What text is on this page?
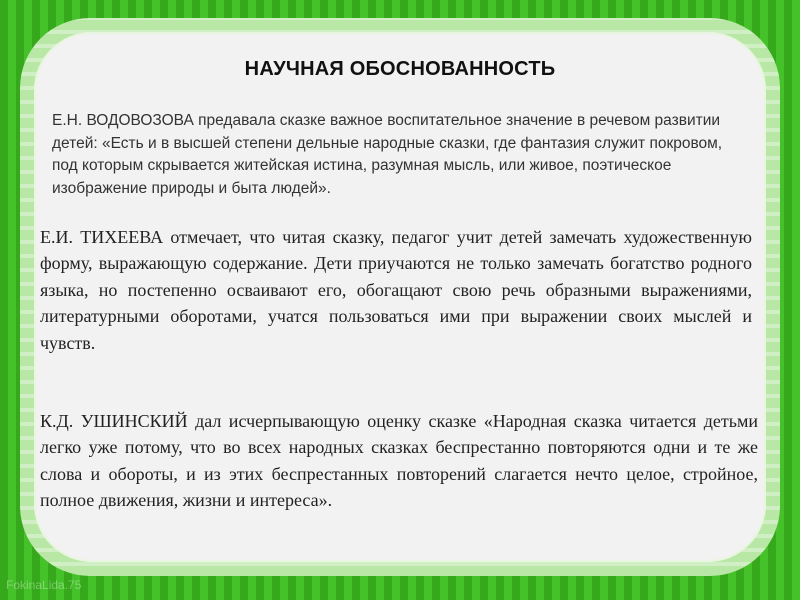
НАУЧНАЯ ОБОСНОВАННОСТЬ

Е.Н. ВОДОВОЗОВА предавала сказке важное воспитательное значение в речевом развитии детей: «Есть и в высшей степени дельные народные сказки, где фантазия служит покровом, под которым скрывается житейская истина, разумная мысль, или живое, поэтическое изображение природы и быта людей».

Е.И. ТИХЕЕВА отмечает, что читая сказку, педагог учит детей замечать художественную форму, выражающую содержание. Дети приучаются не только замечать богатство родного языка, но постепенно осваивают его, обогащают свою речь образными выражениями, литературными оборотами, учатся пользоваться ими при выражении своих мыслей и чувств.

К.Д. УШИНСКИЙ дал исчерпывающую оценку сказке «Народная сказка читается детьми легко уже потому, что во всех народных сказках беспрестанно повторяются одни и те же слова и обороты, и из этих беспрестанных повторений слагается нечто целое, стройное, полное движения, жизни и интереса».

FokinaLida.75
